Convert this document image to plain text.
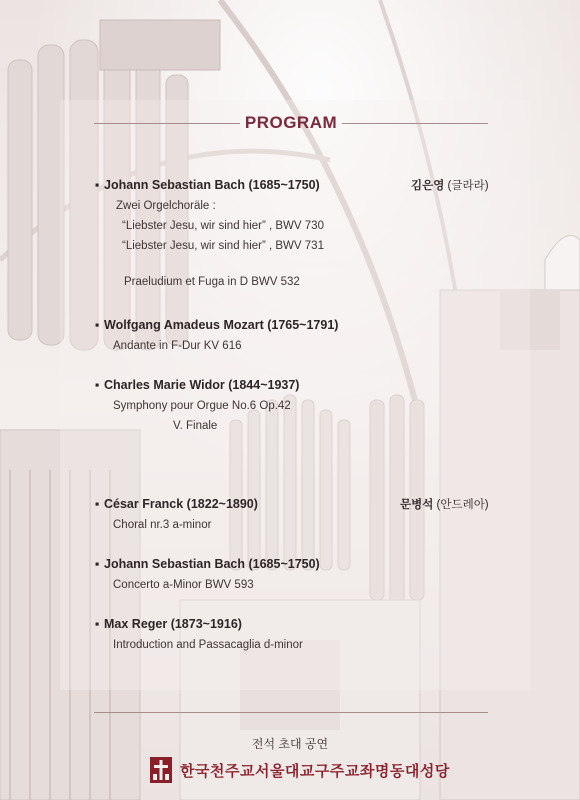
PROGRAM
▪ Johann Sebastian Bach (1685~1750)
Zwei Orgelchoräle :
“Liebster Jesu, wir sind hier” , BWV 730
“Liebster Jesu, wir sind hier” , BWV 731
Praeludium et Fuga in D BWV 532
김은영 (글라라)
▪ Wolfgang Amadeus Mozart (1765~1791)
Andante in F-Dur KV 616
▪ Charles Marie Widor (1844~1937)
Symphony pour Orgue No.6 Op.42
V. Finale
▪ César Franck (1822~1890)
Choral nr.3 a-minor
문병석 (안드레아)
▪ Johann Sebastian Bach (1685~1750)
Concerto a-Minor BWV 593
▪ Max Reger (1873~1916)
Introduction and Passacaglia d-minor
전석 초대 공연
한국천주교서울대교구주교좌명동대성당
